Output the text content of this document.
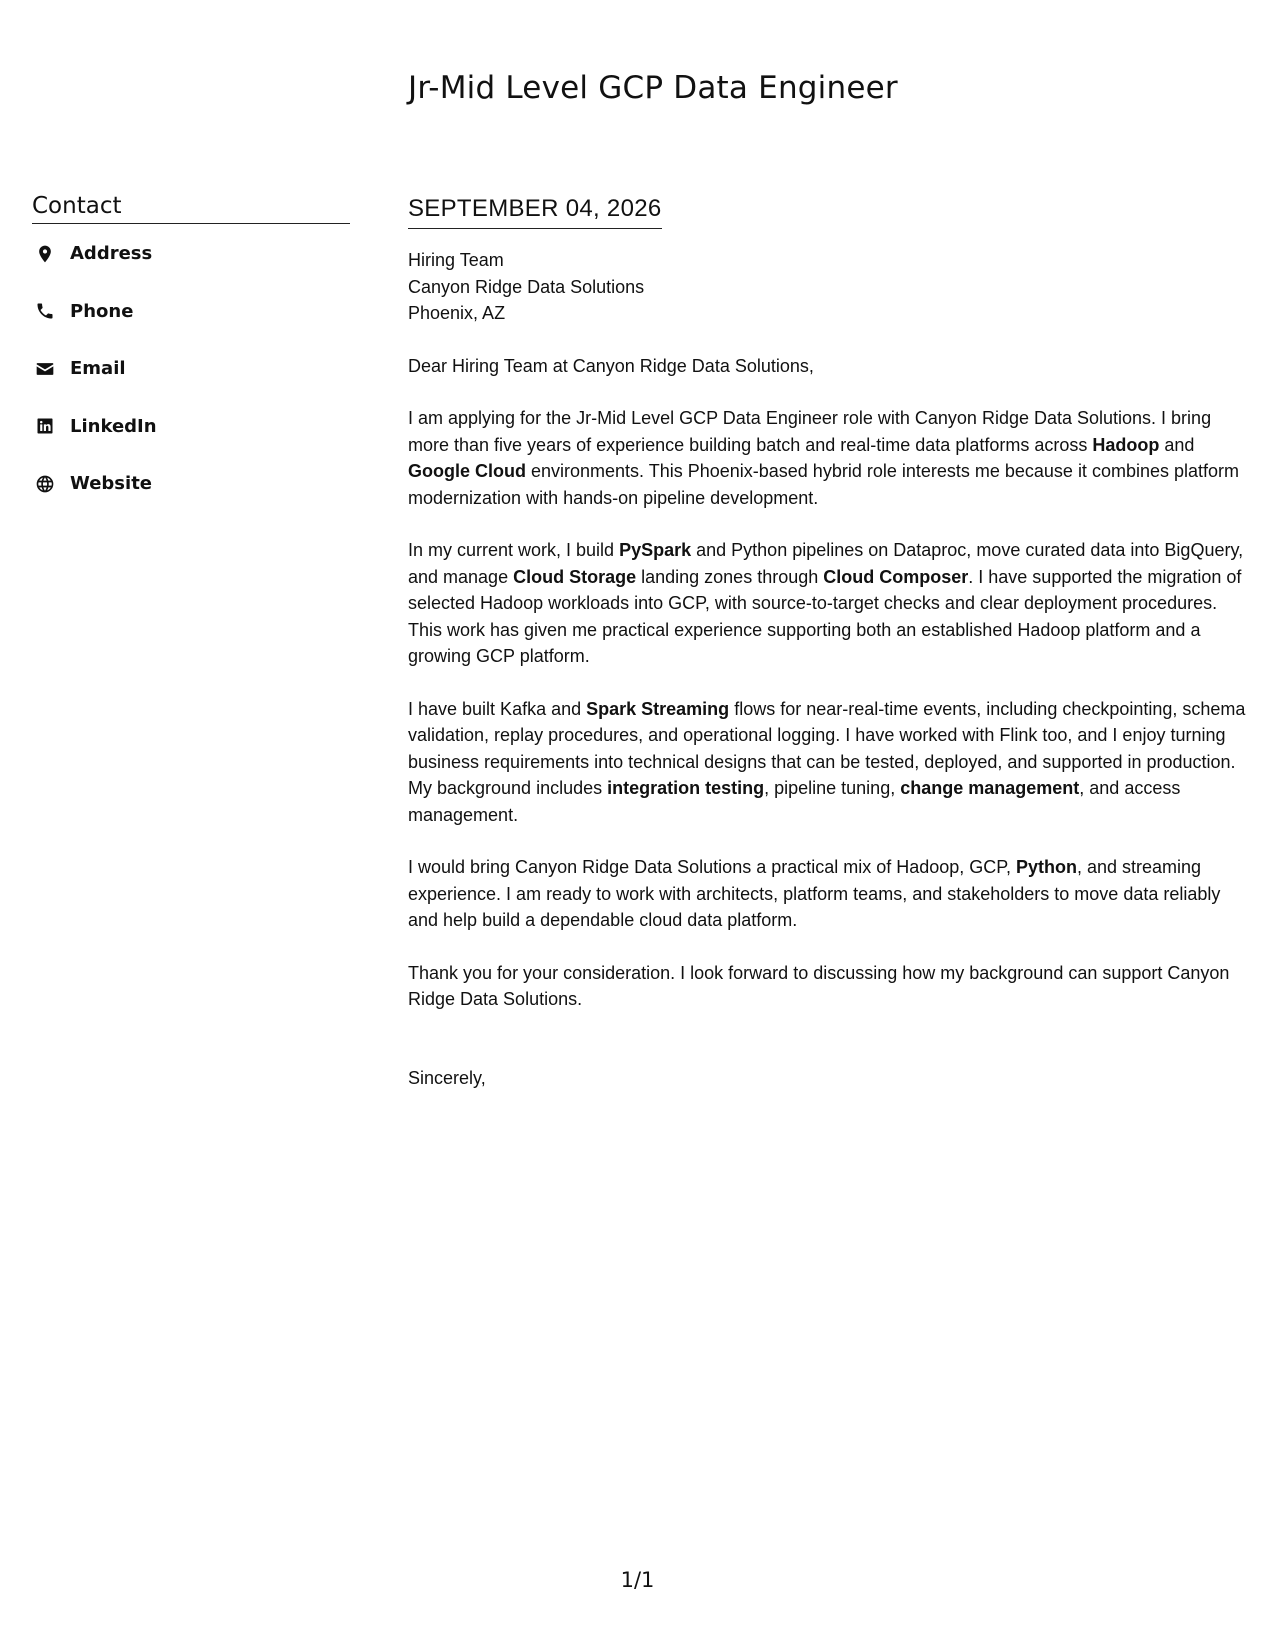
Jr-Mid Level GCP Data Engineer
Contact
Address
Phone
Email
LinkedIn
Website
SEPTEMBER 04, 2026
Hiring Team
Canyon Ridge Data Solutions
Phoenix, AZ

Dear Hiring Team at Canyon Ridge Data Solutions,

I am applying for the Jr-Mid Level GCP Data Engineer role with Canyon Ridge Data Solutions. I bring more than five years of experience building batch and real-time data platforms across Hadoop and Google Cloud environments. This Phoenix-based hybrid role interests me because it combines platform modernization with hands-on pipeline development.

In my current work, I build PySpark and Python pipelines on Dataproc, move curated data into BigQuery, and manage Cloud Storage landing zones through Cloud Composer. I have supported the migration of selected Hadoop workloads into GCP, with source-to-target checks and clear deployment procedures. This work has given me practical experience supporting both an established Hadoop platform and a growing GCP platform.

I have built Kafka and Spark Streaming flows for near-real-time events, including checkpointing, schema validation, replay procedures, and operational logging. I have worked with Flink too, and I enjoy turning business requirements into technical designs that can be tested, deployed, and supported in production. My background includes integration testing, pipeline tuning, change management, and access management.

I would bring Canyon Ridge Data Solutions a practical mix of Hadoop, GCP, Python, and streaming experience. I am ready to work with architects, platform teams, and stakeholders to move data reliably and help build a dependable cloud data platform.

Thank you for your consideration. I look forward to discussing how my background can support Canyon Ridge Data Solutions.

Sincerely,

1/1
